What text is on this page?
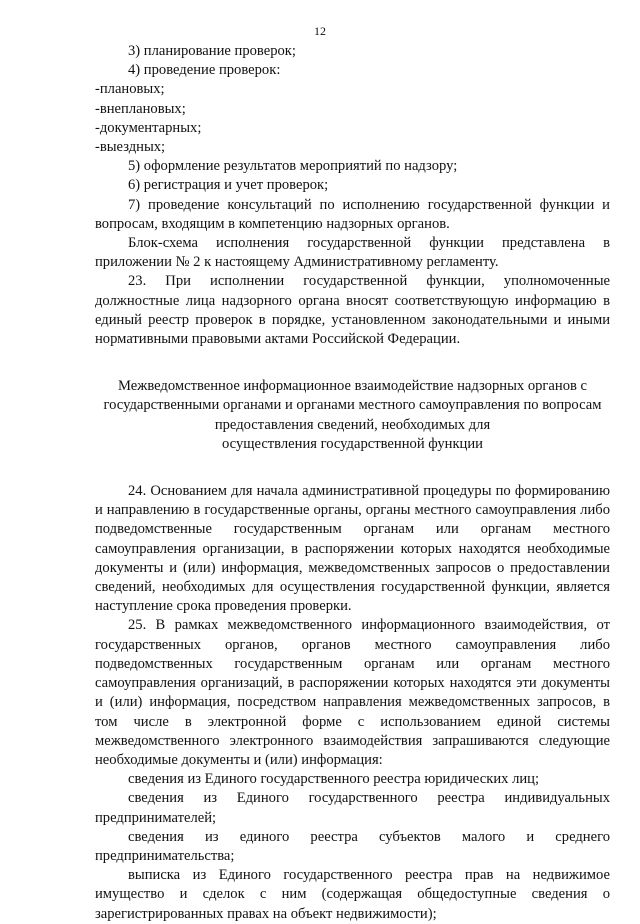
12

3) планирование проверок;

4) проведение проверок:

-плановых;

-внеплановых;

-документарных;

-выездных;

5) оформление результатов мероприятий по надзору;

6) регистрация и учет проверок;

7) проведение консультаций по исполнению государственной функции и вопросам, входящим в компетенцию надзорных органов.

Блок-схема исполнения государственной функции представлена в приложении № 2 к настоящему Административному регламенту.

23. При исполнении государственной функции, уполномоченные должностные лица надзорного органа вносят соответствующую информацию в единый реестр проверок в порядке, установленном законодательными и иными нормативными правовыми актами Российской Федерации.

Межведомственное информационное взаимодействие надзорных органов с
государственными органами и органами местного самоуправления по вопросам
предоставления сведений, необходимых для
осуществления государственной функции

24. Основанием для начала административной процедуры по формированию и направлению в государственные органы, органы местного самоуправления либо подведомственные государственным органам или органам местного самоуправления организации, в распоряжении которых находятся необходимые документы и (или) информация, межведомственных запросов о предоставлении сведений, необходимых для осуществления государственной функции, является наступление срока проведения проверки.

25. В рамках межведомственного информационного взаимодействия, от государственных органов, органов местного самоуправления либо подведомственных государственным органам или органам местного самоуправления организаций, в распоряжении которых находятся эти документы и (или) информация, посредством направления межведомственных запросов, в том числе в электронной форме с использованием единой системы межведомственного электронного взаимодействия запрашиваются следующие необходимые документы и (или) информация:

сведения из Единого государственного реестра юридических лиц;

сведения из Единого государственного реестра индивидуальных предпринимателей;

сведения из единого реестра субъектов малого и среднего предпринимательства;

выписка из Единого государственного реестра прав на недвижимое имущество и сделок с ним (содержащая общедоступные сведения о зарегистрированных правах на объект недвижимости);
